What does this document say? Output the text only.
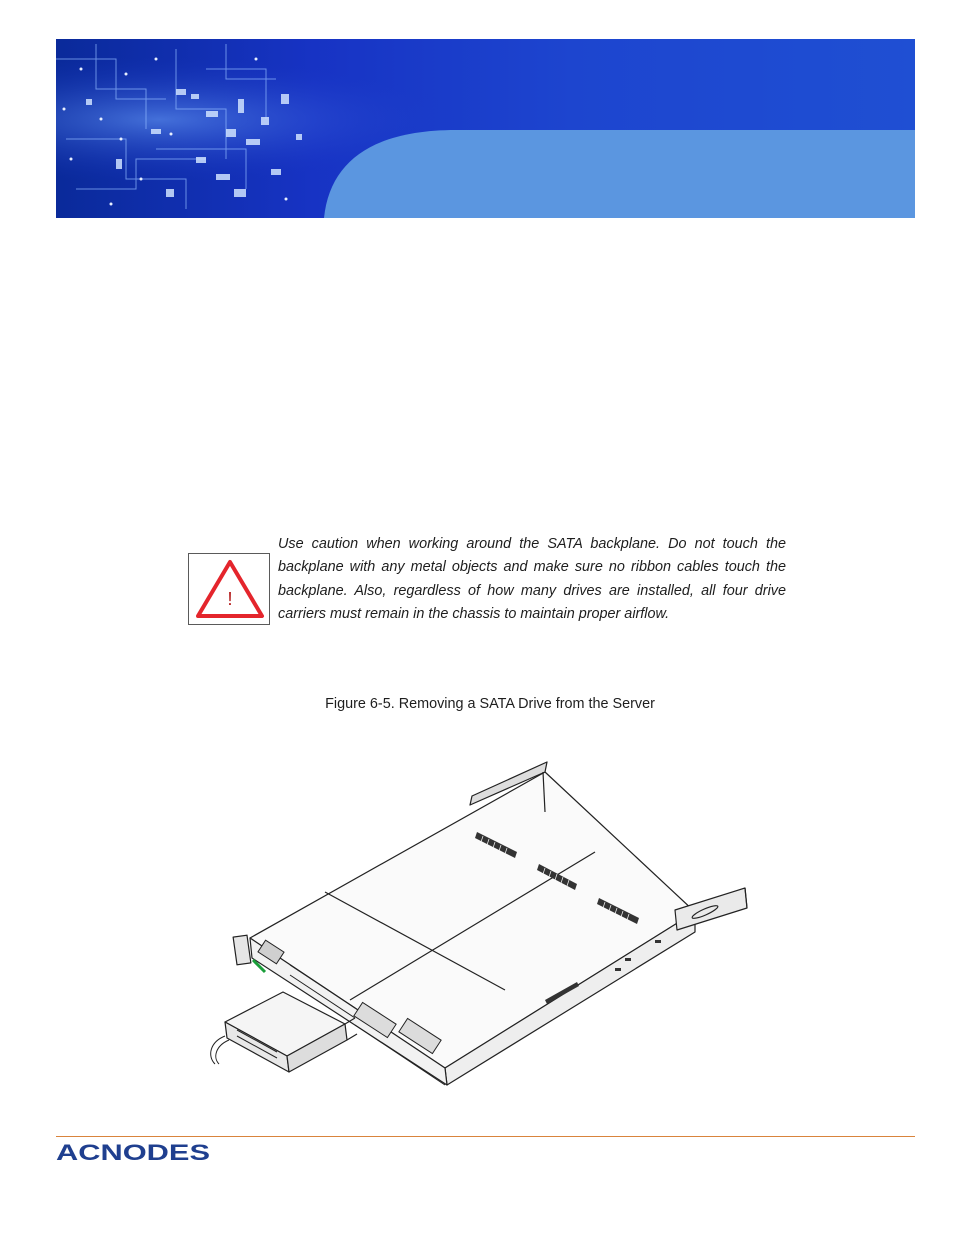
!

Use caution when working around the SATA backplane. Do not touch the backplane with any metal objects and make sure no ribbon cables touch the backplane. Also, regardless of how many drives are installed, all four drive carriers must remain in the chassis to maintain proper airflow.

Figure 6-5. Removing a SATA Drive from the Server

ACNODES
